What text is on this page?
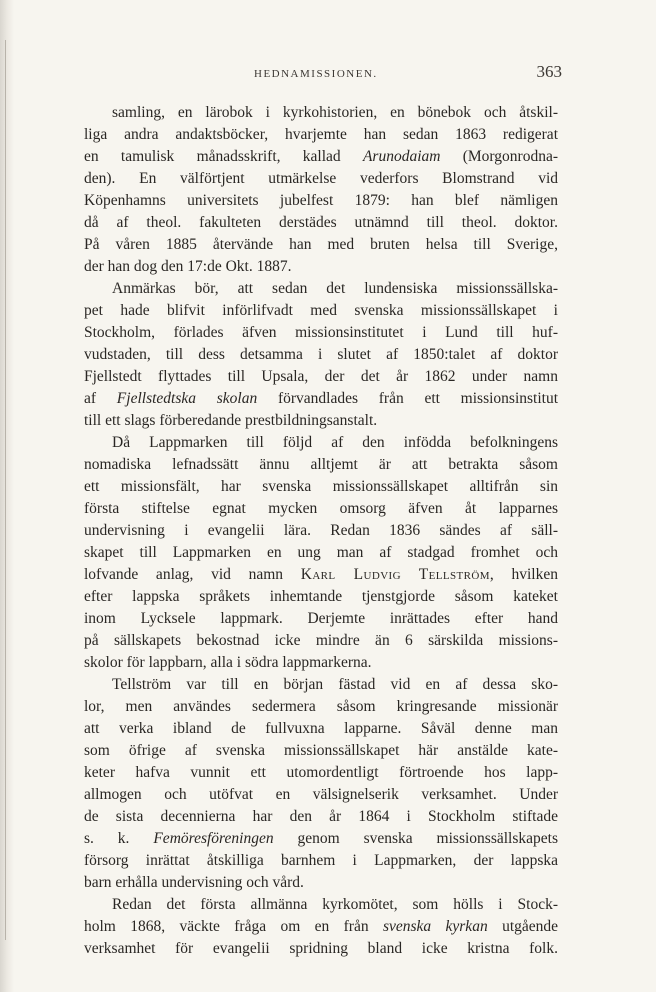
HEDNAMISSIONEN.	363
samling, en lärobok i kyrkohistorien, en bönebok och åtskil-
liga andra andaktsböcker, hvarjemte han sedan 1863 redigerat
en tamulisk månadsskrift, kallad Arunodaiam (Morgonrodna-
den). En välförtjent utmärkelse vederfors Blomstrand vid
Köpenhamns universitets jubelfest 1879: han blef nämligen
då af theol. fakulteten derstädes utnämnd till theol. doktor.
På våren 1885 återvände han med bruten helsa till Sverige,
der han dog den 17:de Okt. 1887.
Anmärkas bör, att sedan det lundensiska missionssällska-
pet hade blifvit införlifvadt med svenska missionssällskapet i
Stockholm, förlades äfven missionsinstitutet i Lund till huf-
vudstaden, till dess detsamma i slutet af 1850:talet af doktor
Fjellstedt flyttades till Upsala, der det år 1862 under namn
af Fjellstedtska skolan förvandlades från ett missionsinstitut
till ett slags förberedande prestbildningsanstalt.
Då Lappmarken till följd af den infödda befolkningens
nomadiska lefnadssätt ännu alltjemt är att betrakta såsom
ett missionsfält, har svenska missionssällskapet alltifrån sin
första stiftelse egnat mycken omsorg äfven åt lapparnes
undervisning i evangelii lära. Redan 1836 sändes af säll-
skapet till Lappmarken en ung man af stadgad fromhet och
lofvande anlag, vid namn Karl Ludvig Tellström, hvilken
efter lappska språkets inhemtande tjenstgjorde såsom kateket
inom Lycksele lappmark. Derjemte inrättades efter hand
på sällskapets bekostnad icke mindre än 6 särskilda missions-
skolor för lappbarn, alla i södra lappmarkerna.
Tellström var till en början fästad vid en af dessa sko-
lor, men användes sedermera såsom kringresande missionär
att verka ibland de fullvuxna lapparne. Såväl denne man
som öfrige af svenska missionssällskapet här anstälde kate-
keter hafva vunnit ett utomordentligt förtroende hos lapp-
allmogen och utöfvat en välsignelserik verksamhet. Under
de sista decennierna har den år 1864 i Stockholm stiftade
s. k. Femöresföreningen genom svenska missionssällskapets
försorg inrättat åtskilliga barnhem i Lappmarken, der lappska
barn erhålla undervisning och vård.
Redan det första allmänna kyrkomötet, som hölls i Stock-
holm 1868, väckte fråga om en från svenska kyrkan utgående
verksamhet för evangelii spridning bland icke kristna folk.
